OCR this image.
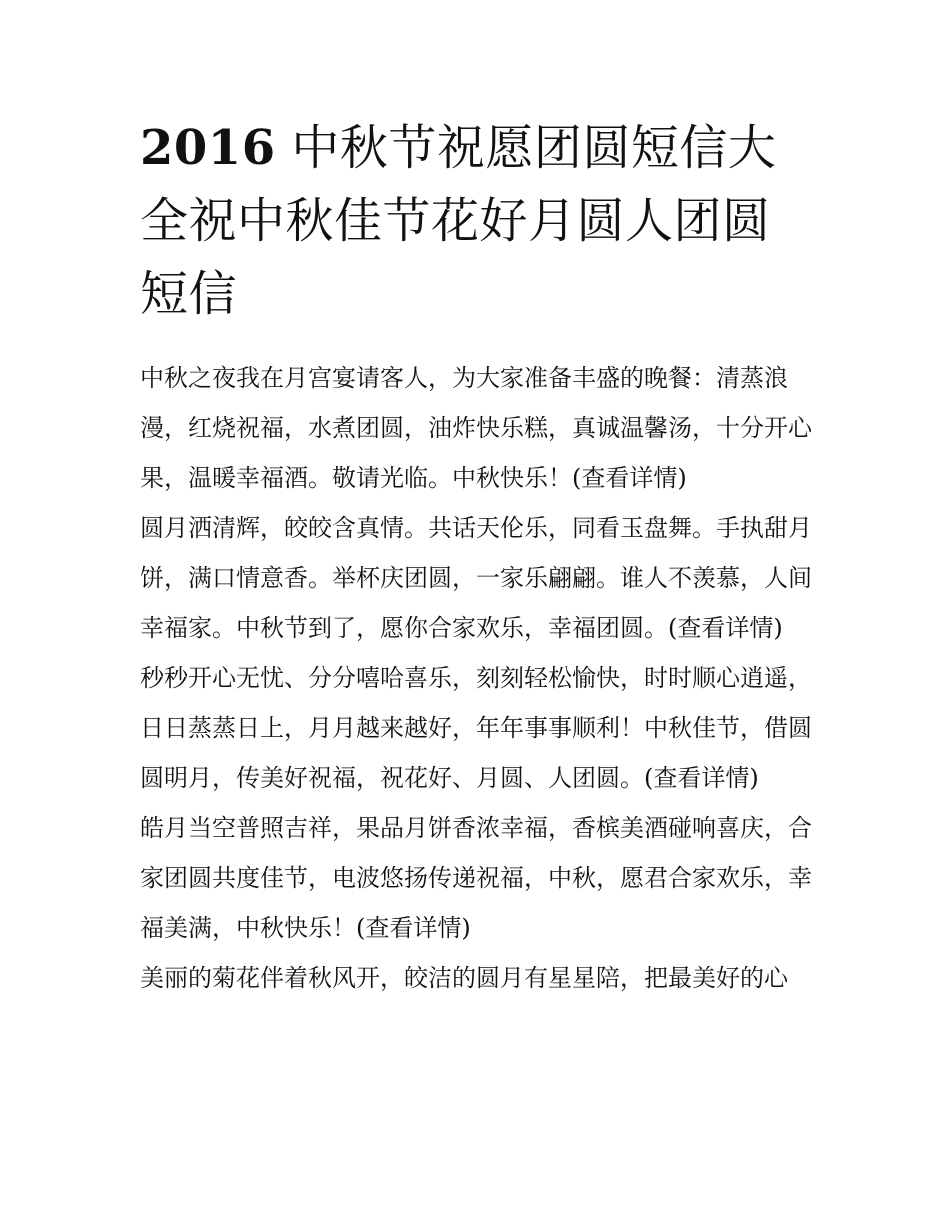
2016 中秋节祝愿团圆短信大全祝中秋佳节花好月圆人团圆短信

中秋之夜我在月宫宴请客人，为大家准备丰盛的晚餐：清蒸浪漫，红烧祝福，水煮团圆，油炸快乐糕，真诚温馨汤，十分开心果，温暖幸福酒。敬请光临。中秋快乐！(查看详情)

圆月洒清辉，皎皎含真情。共话天伦乐，同看玉盘舞。手执甜月饼，满口情意香。举杯庆团圆，一家乐翩翩。谁人不羡慕，人间幸福家。中秋节到了，愿你合家欢乐，幸福团圆。(查看详情)

秒秒开心无忧、分分嘻哈喜乐，刻刻轻松愉快，时时顺心逍遥，日日蒸蒸日上，月月越来越好，年年事事顺利！中秋佳节，借圆圆明月，传美好祝福，祝花好、月圆、人团圆。(查看详情)

皓月当空普照吉祥，果品月饼香浓幸福，香槟美酒碰响喜庆，合家团圆共度佳节，电波悠扬传递祝福，中秋，愿君合家欢乐，幸福美满，中秋快乐！(查看详情)

美丽的菊花伴着秋风开，皎洁的圆月有星星陪，把最美好的心
